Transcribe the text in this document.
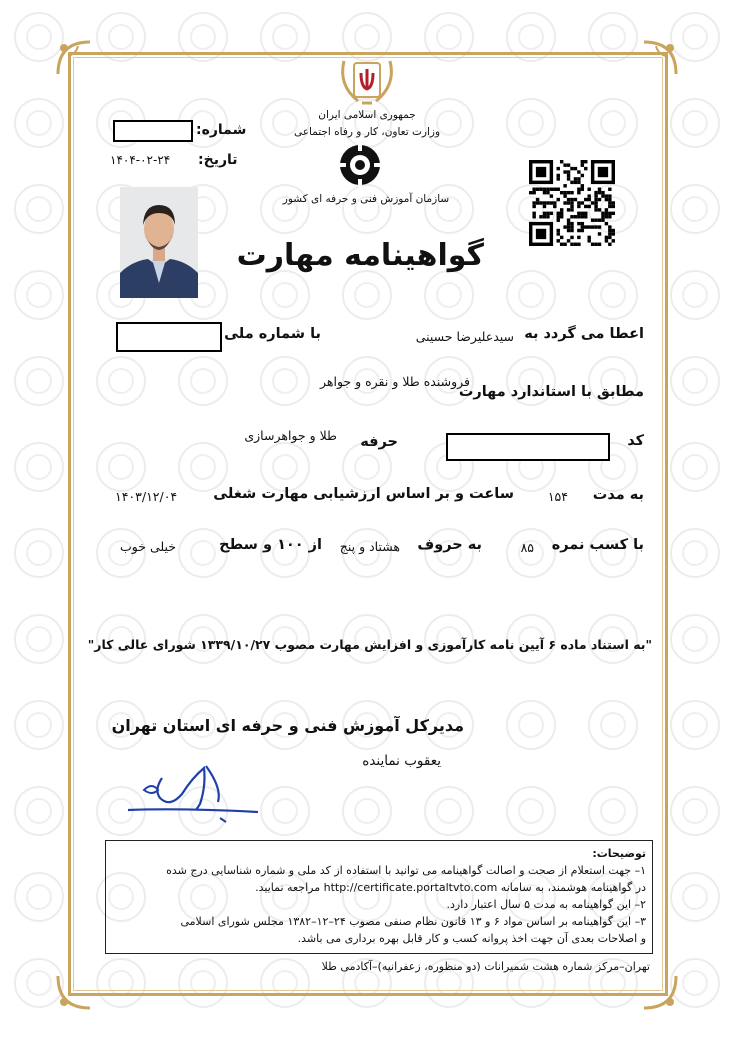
جمهوری اسلامی ایران
وزارت تعاون، کار و رفاه اجتماعی
سازمان آموزش فنی و حرفه ای کشور
شماره:
تاریخ:
۱۴۰۴-۰۲-۲۴
گواهینامه مهارت
اعطا می گردد به
سیدعلیرضا حسینی
با شماره ملی
مطابق با استاندارد مهارت
فروشنده طلا و نقره و جواهر
کد
حرفه
طلا و جواهرسازی
به مدت
۱۵۴
ساعت و بر اساس ارزشیابی مهارت شغلی
۱۴۰۳/۱۲/۰۴
با کسب نمره
۸۵
به حروف
هشتاد و پنج
از ۱۰۰ و سطح
خیلی خوب
"به استناد ماده ۶ آیین نامه کارآموزی و افزایش مهارت مصوب ۱۳۳۹/۱۰/۲۷ شورای عالی کار"
مدیرکل آموزش فنی و حرفه ای استان تهران
یعقوب نماینده
توضیحات:
۱– جهت استعلام از صحت و اصالت گواهینامه می توانید با استفاده از کد ملی و شماره شناسایی درج شده
در گواهینامه هوشمند، به سامانه http://certificate.portaltvto.com مراجعه نمایید.
۲– این گواهینامه به مدت ۵ سال اعتبار دارد.
۳– این گواهینامه بر اساس مواد ۶ و ۱۳ قانون نظام صنفی مصوب ۲۴–۱۲–۱۳۸۲ مجلس شورای اسلامی
و اصلاحات بعدی آن جهت اخذ پروانه کسب و کار قابل بهره برداری می باشد.
تهران–مرکز شماره هشت شمیرانات (دو منظوره، زعفرانیه)–آکادمی طلا
